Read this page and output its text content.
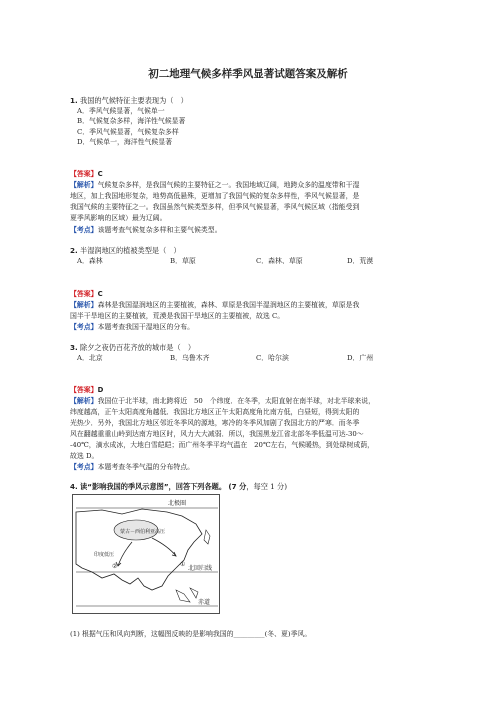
初二地理气候多样季风显著试题答案及解析
1. 我国的气候特征主要表现为（　）
A．季风气候显著，气候单一
B．气候复杂多样，海洋性气候显著
C．季风气候显著，气候复杂多样
D．气候单一，海洋性气候显著
【答案】C
【解析】气候复杂多样，是我国气候的主要特征之一。我国地域辽阔，地跨众多的温度带和干湿
地区，加上我国地形复杂，地势高低悬殊，更增加了我国气候的复杂多样性，季风气候显著，是
我国气候的主要特征之一。我国虽然气候类型多样，但季风气候显著，季风气候区域（指能受到
夏季风影响的区域）最为辽阔。
【考点】该题考查气候复杂多样和主要气候类型。
2. 半湿润地区的植被类型是（　）
A．森林	B．草原	C．森林、草原	D．荒漠
【答案】C
【解析】森林是我国湿润地区的主要植被，森林、草原是我国半湿润地区的主要植被，草原是我
国半干旱地区的主要植被，荒漠是我国干旱地区的主要植被，故选 C。
【考点】本题考查我国干湿地区的分布。
3. 除夕之夜仍百花齐放的城市是（　）
A．北京	B．乌鲁木齐	C．哈尔滨	D．广州
【答案】D
【解析】我国位于北半球，南北跨将近　50　个纬度．在冬季，太阳直射在南半球，对北半球来说，
纬度越高，正午太阳高度角越低．我国北方地区正午太阳高度角比南方低，白昼短，得到太阳的
光热少．另外，我国北方地区邻近冬季风的源地，寒冷的冬季风加剧了我国北方的严寒．而冬季
风在翻越重重山岭到达南方地区时，风力大大减弱．所以，我国黑龙江省北部冬季低温可达-30～
-40℃，滴水成冰，大地白雪皑皑；而广州冬季平均气温在　20℃左右，气候暖热，到处绿树成荫，
故选 D。
【考点】本题考查冬季气温的分布特点。
4. 读“影响我国的季风示意图”，回答下列各题。 (7 分，每空 1 分)
北极圈
蒙古－西伯利亚高压
印度低压
①
②	北回归线
赤道
(1) 根据气压和风向判断，这幅图反映的是影响我国的_________(冬、夏)季风。
